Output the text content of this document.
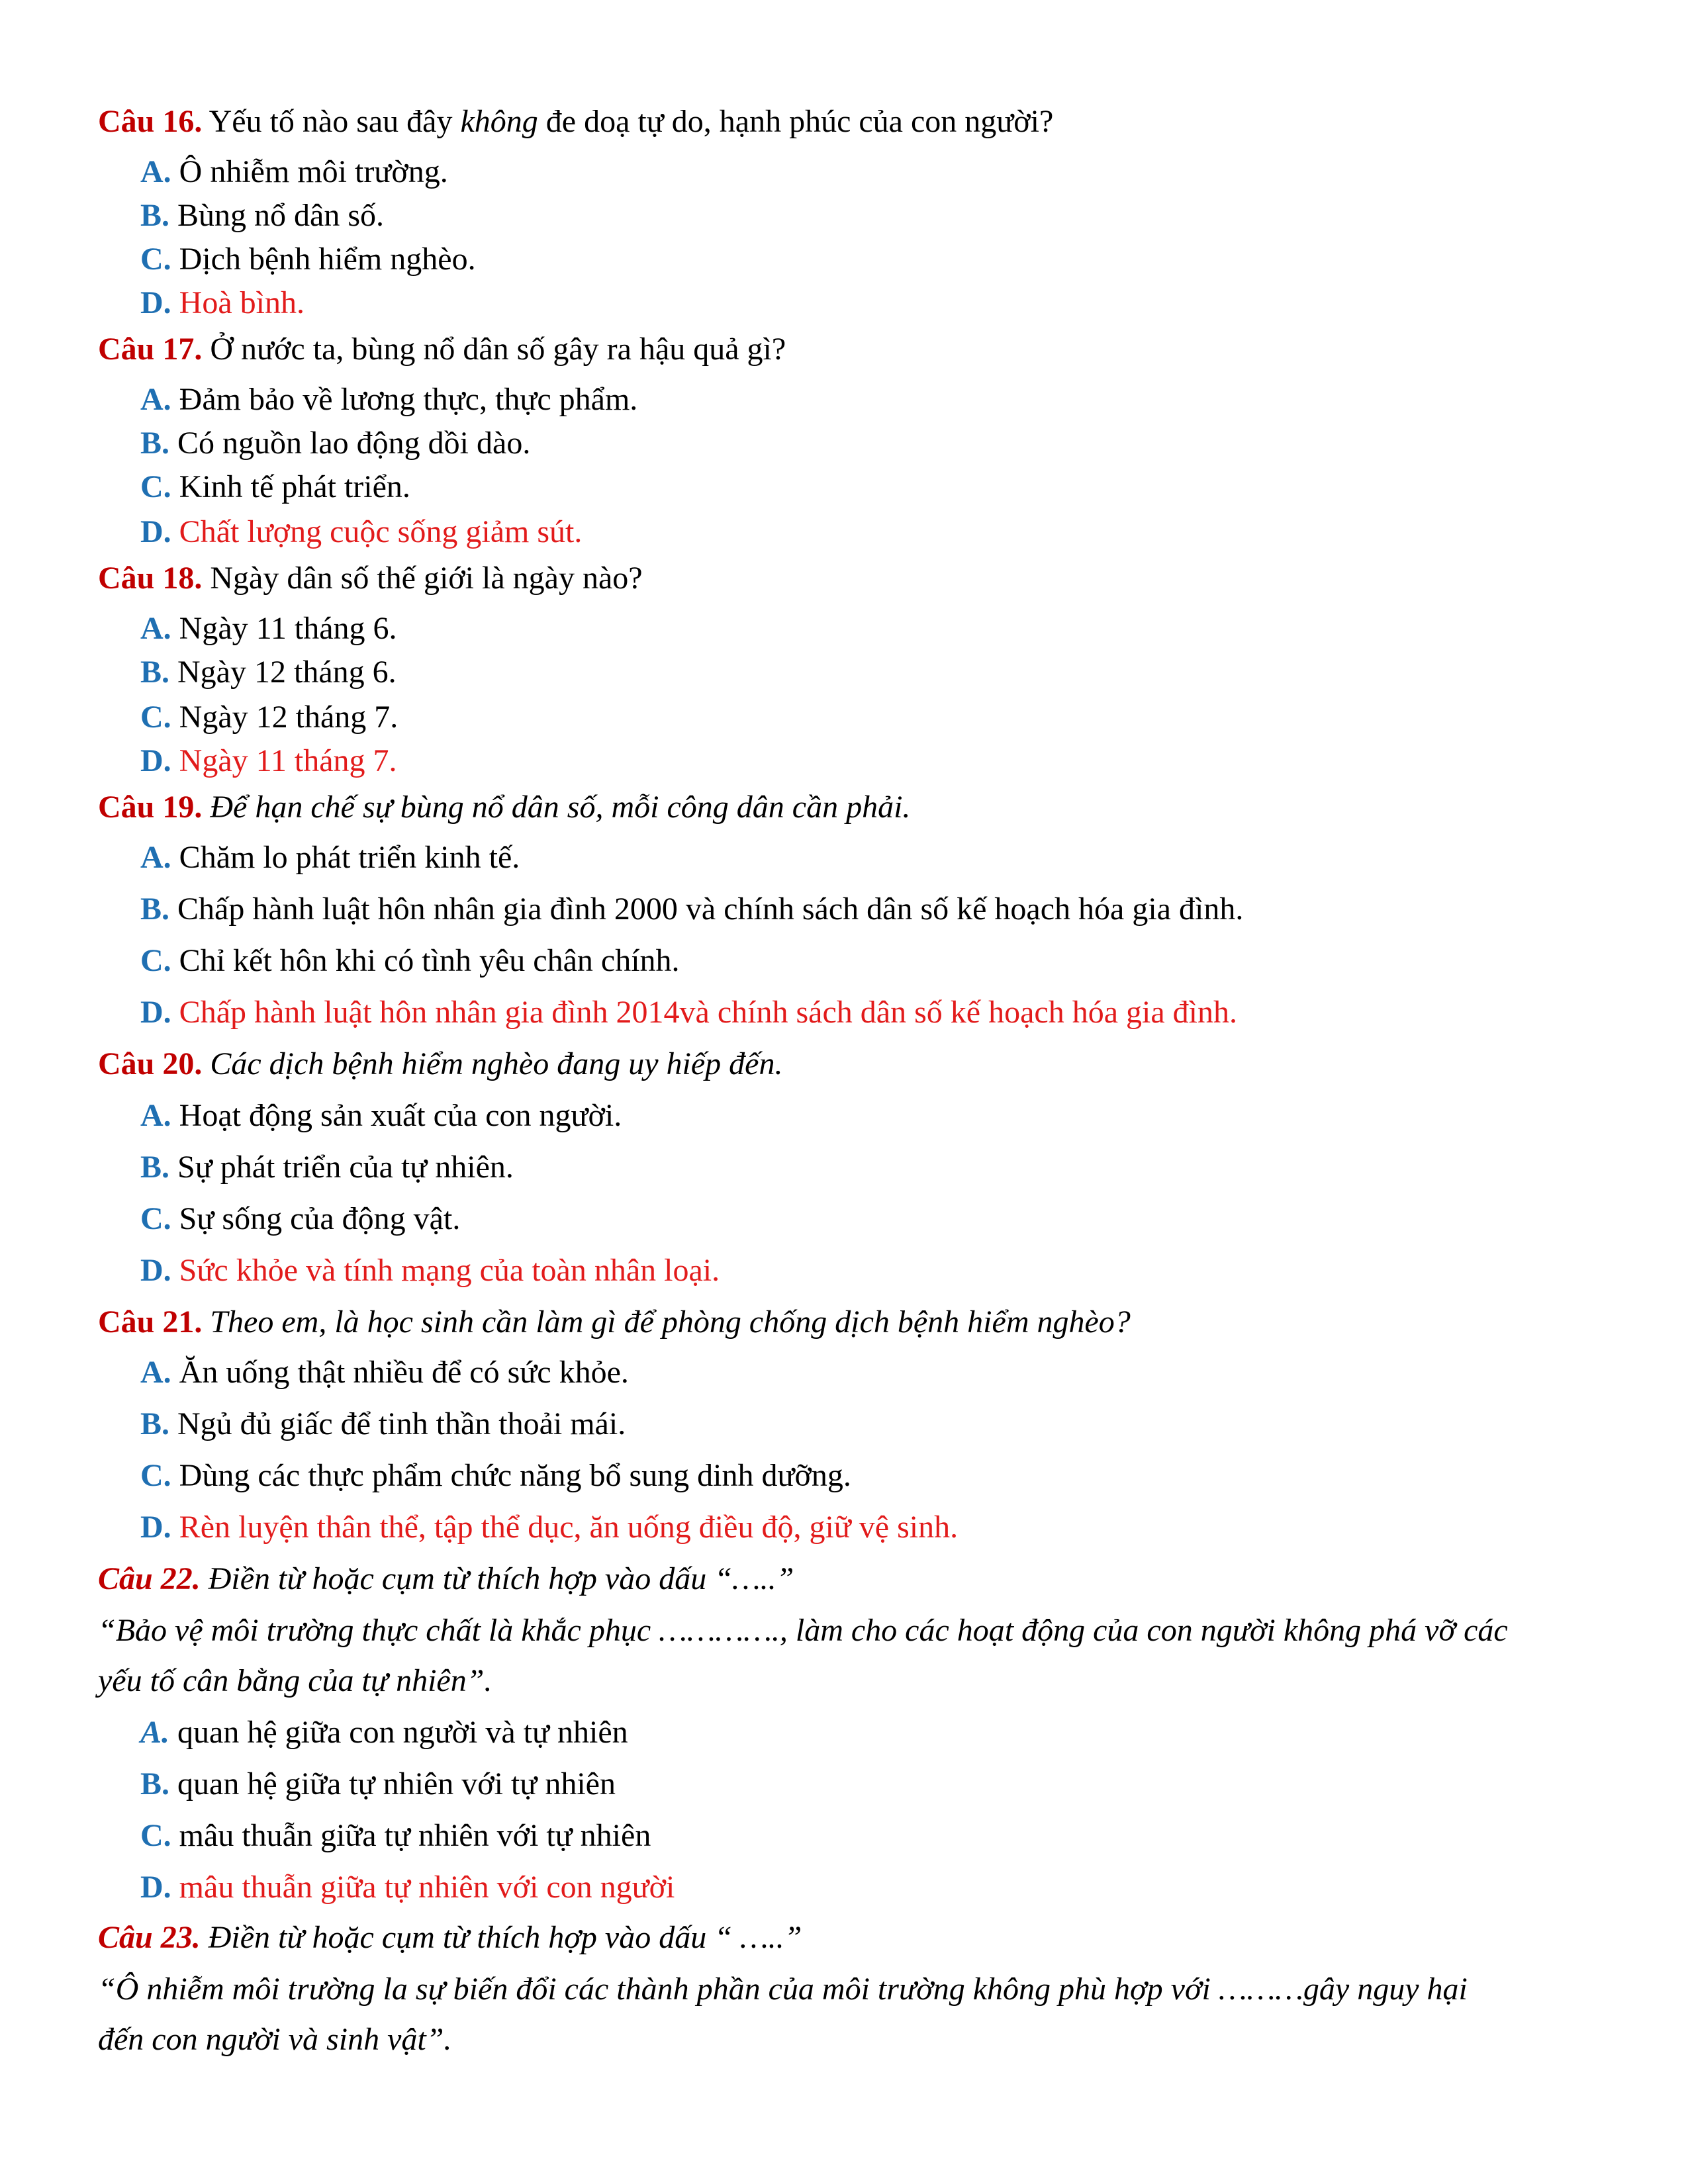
Câu 16. Yếu tố nào sau đây không đe doạ tự do, hạnh phúc của con người?
A. Ô nhiễm môi trường.
B. Bùng nổ dân số.
C. Dịch bệnh hiểm nghèo.
D. Hoà bình.
Câu 17. Ở nước ta, bùng nổ dân số gây ra hậu quả gì?
A. Đảm bảo về lương thực, thực phẩm.
B. Có nguồn lao động dồi dào.
C. Kinh tế phát triển.
D. Chất lượng cuộc sống giảm sút.
Câu 18. Ngày dân số thế giới là ngày nào?
A. Ngày 11 tháng 6.
B. Ngày 12 tháng 6.
C. Ngày 12 tháng 7.
D. Ngày 11 tháng 7.
Câu 19. Để hạn chế sự bùng nổ dân số, mỗi công dân cần phải.
A. Chăm lo phát triển kinh tế.
B. Chấp hành luật hôn nhân gia đình 2000 và chính sách dân số kế hoạch hóa gia đình.
C. Chỉ kết hôn khi có tình yêu chân chính.
D. Chấp hành luật hôn nhân gia đình 2014và chính sách dân số kế hoạch hóa gia đình.
Câu 20. Các dịch bệnh hiểm nghèo đang uy hiếp đến.
A. Hoạt động sản xuất của con người.
B. Sự phát triển của tự nhiên.
C. Sự sống của động vật.
D. Sức khỏe và tính mạng của toàn nhân loại.
Câu 21. Theo em, là học sinh cần làm gì để phòng chống dịch bệnh hiểm nghèo?
A. Ăn uống thật nhiều để có sức khỏe.
B. Ngủ đủ giấc để tinh thần thoải mái.
C. Dùng các thực phẩm chức năng bổ sung dinh dưỡng.
D. Rèn luyện thân thể, tập thể dục, ăn uống điều độ, giữ vệ sinh.
Câu 22. Điền từ hoặc cụm từ thích hợp vào dấu “…..”
“Bảo vệ môi trường thực chất là khắc phục …………., làm cho các hoạt động của con người không phá vỡ các
yếu tố cân bằng của tự nhiên”.
A. quan hệ giữa con người và tự nhiên
B. quan hệ giữa tự nhiên với tự nhiên
C. mâu thuẫn giữa tự nhiên với tự nhiên
D. mâu thuẫn giữa tự nhiên với con người
Câu 23. Điền từ hoặc cụm từ thích hợp vào dấu “ …..”
“Ô nhiễm môi trường la sự biến đổi các thành phần của môi trường không phù hợp với ………gây nguy hại
đến con người và sinh vật”.
